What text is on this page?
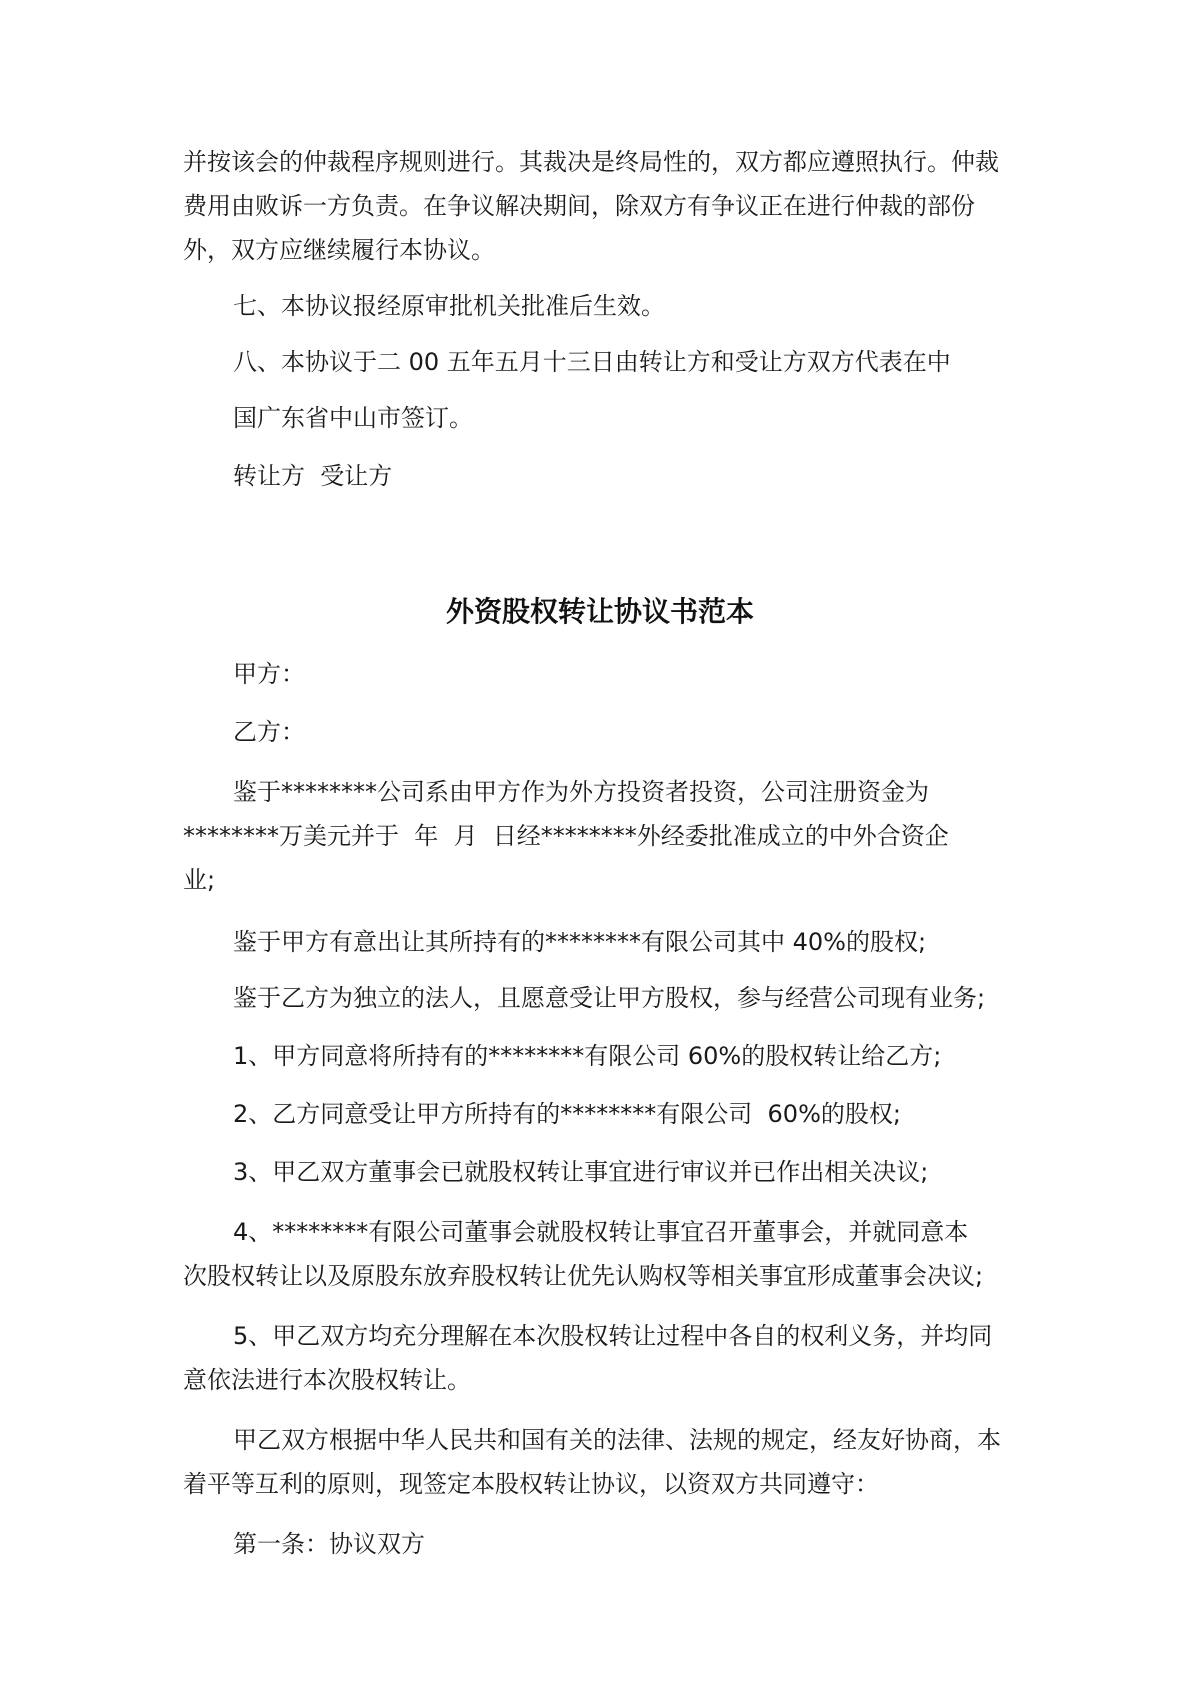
并按该会的仲裁程序规则进行。其裁决是终局性的，双方都应遵照执行。仲裁

费用由败诉一方负责。在争议解决期间，除双方有争议正在进行仲裁的部份

外，双方应继续履行本协议。

七、本协议报经原审批机关批准后生效。

八、本协议于二 00 五年五月十三日由转让方和受让方双方代表在中

国广东省中山市签订。

转让方  受让方

外资股权转让协议书范本

甲方：

乙方：

鉴于********公司系由甲方作为外方投资者投资，公司注册资金为

********万美元并于  年  月  日经********外经委批准成立的中外合资企

业;

鉴于甲方有意出让其所持有的********有限公司其中 40%的股权;

鉴于乙方为独立的法人，且愿意受让甲方股权，参与经营公司现有业务;

1、甲方同意将所持有的********有限公司 60%的股权转让给乙方;

2、乙方同意受让甲方所持有的********有限公司  60%的股权;

3、甲乙双方董事会已就股权转让事宜进行审议并已作出相关决议;

4、********有限公司董事会就股权转让事宜召开董事会，并就同意本

次股权转让以及原股东放弃股权转让优先认购权等相关事宜形成董事会决议;

5、甲乙双方均充分理解在本次股权转让过程中各自的权利义务，并均同

意依法进行本次股权转让。

甲乙双方根据中华人民共和国有关的法律、法规的规定，经友好协商，本

着平等互利的原则，现签定本股权转让协议，以资双方共同遵守：

第一条：协议双方
